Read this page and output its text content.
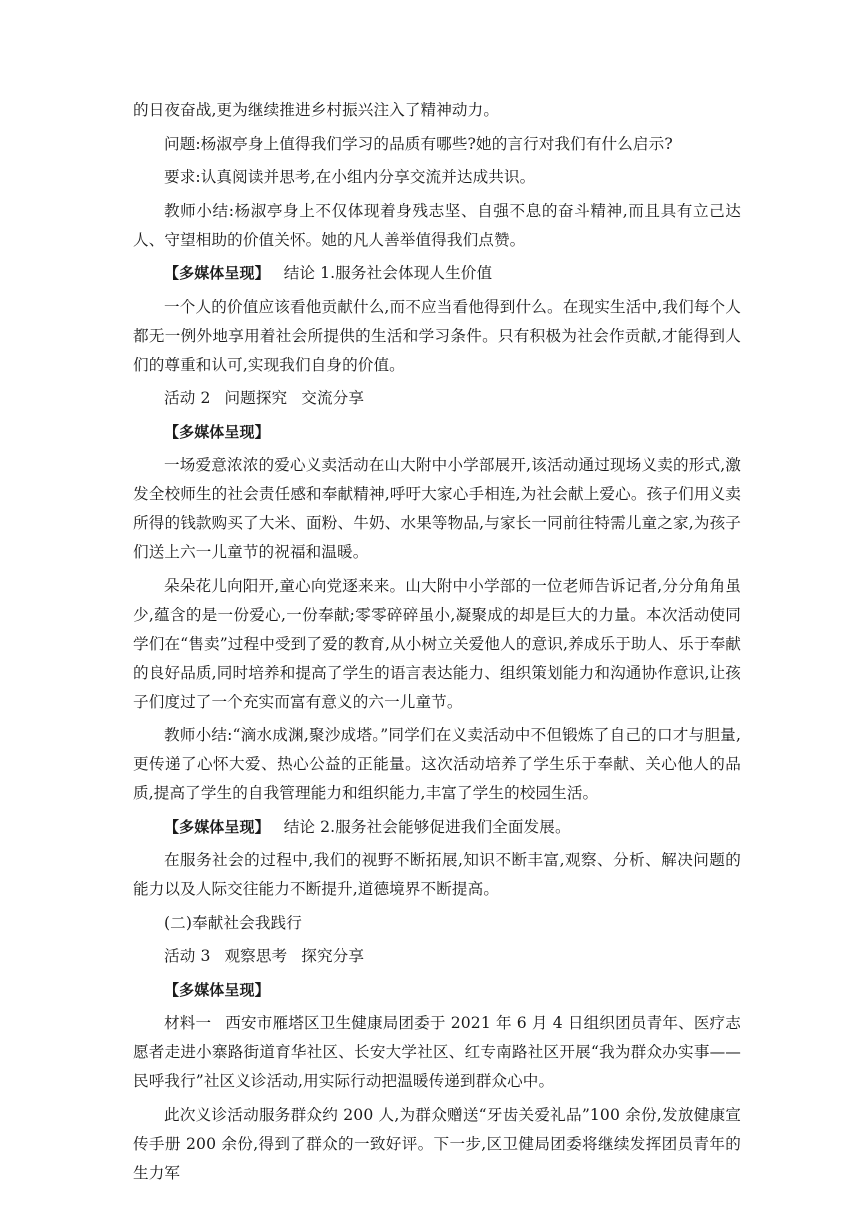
的日夜奋战,更为继续推进乡村振兴注入了精神动力。

问题:杨淑亭身上值得我们学习的品质有哪些?她的言行对我们有什么启示?

要求:认真阅读并思考,在小组内分享交流并达成共识。

教师小结:杨淑亭身上不仅体现着身残志坚、自强不息的奋斗精神,而且具有立己达人、守望相助的价值关怀。她的凡人善举值得我们点赞。

【多媒体呈现】 结论 1.服务社会体现人生价值

一个人的价值应该看他贡献什么,而不应当看他得到什么。在现实生活中,我们每个人都无一例外地享用着社会所提供的生活和学习条件。只有积极为社会作贡献,才能得到人们的尊重和认可,实现我们自身的价值。

活动 2 问题探究 交流分享

【多媒体呈现】

一场爱意浓浓的爱心义卖活动在山大附中小学部展开,该活动通过现场义卖的形式,激发全校师生的社会责任感和奉献精神,呼吁大家心手相连,为社会献上爱心。孩子们用义卖所得的钱款购买了大米、面粉、牛奶、水果等物品,与家长一同前往特需儿童之家,为孩子们送上六一儿童节的祝福和温暖。

朵朵花儿向阳开,童心向党逐来来。山大附中小学部的一位老师告诉记者,分分角角虽少,蕴含的是一份爱心,一份奉献;零零碎碎虽小,凝聚成的却是巨大的力量。本次活动使同学们在“售卖”过程中受到了爱的教育,从小树立关爱他人的意识,养成乐于助人、乐于奉献的良好品质,同时培养和提高了学生的语言表达能力、组织策划能力和沟通协作意识,让孩子们度过了一个充实而富有意义的六一儿童节。

教师小结:“滴水成渊,聚沙成塔。”同学们在义卖活动中不但锻炼了自己的口才与胆量,更传递了心怀大爱、热心公益的正能量。这次活动培养了学生乐于奉献、关心他人的品质,提高了学生的自我管理能力和组织能力,丰富了学生的校园生活。

【多媒体呈现】 结论 2.服务社会能够促进我们全面发展。

在服务社会的过程中,我们的视野不断拓展,知识不断丰富,观察、分析、解决问题的能力以及人际交往能力不断提升,道德境界不断提高。

(二)奉献社会我践行

活动 3 观察思考 探究分享

【多媒体呈现】

材料一 西安市雁塔区卫生健康局团委于 2021 年 6 月 4 日组织团员青年、医疗志愿者走进小寨路街道育华社区、长安大学社区、红专南路社区开展“我为群众办实事——民呼我行”社区义诊活动,用实际行动把温暖传递到群众心中。

此次义诊活动服务群众约 200 人,为群众赠送“牙齿关爱礼品”100 余份,发放健康宣传手册 200 余份,得到了群众的一致好评。下一步,区卫健局团委将继续发挥团员青年的生力军
